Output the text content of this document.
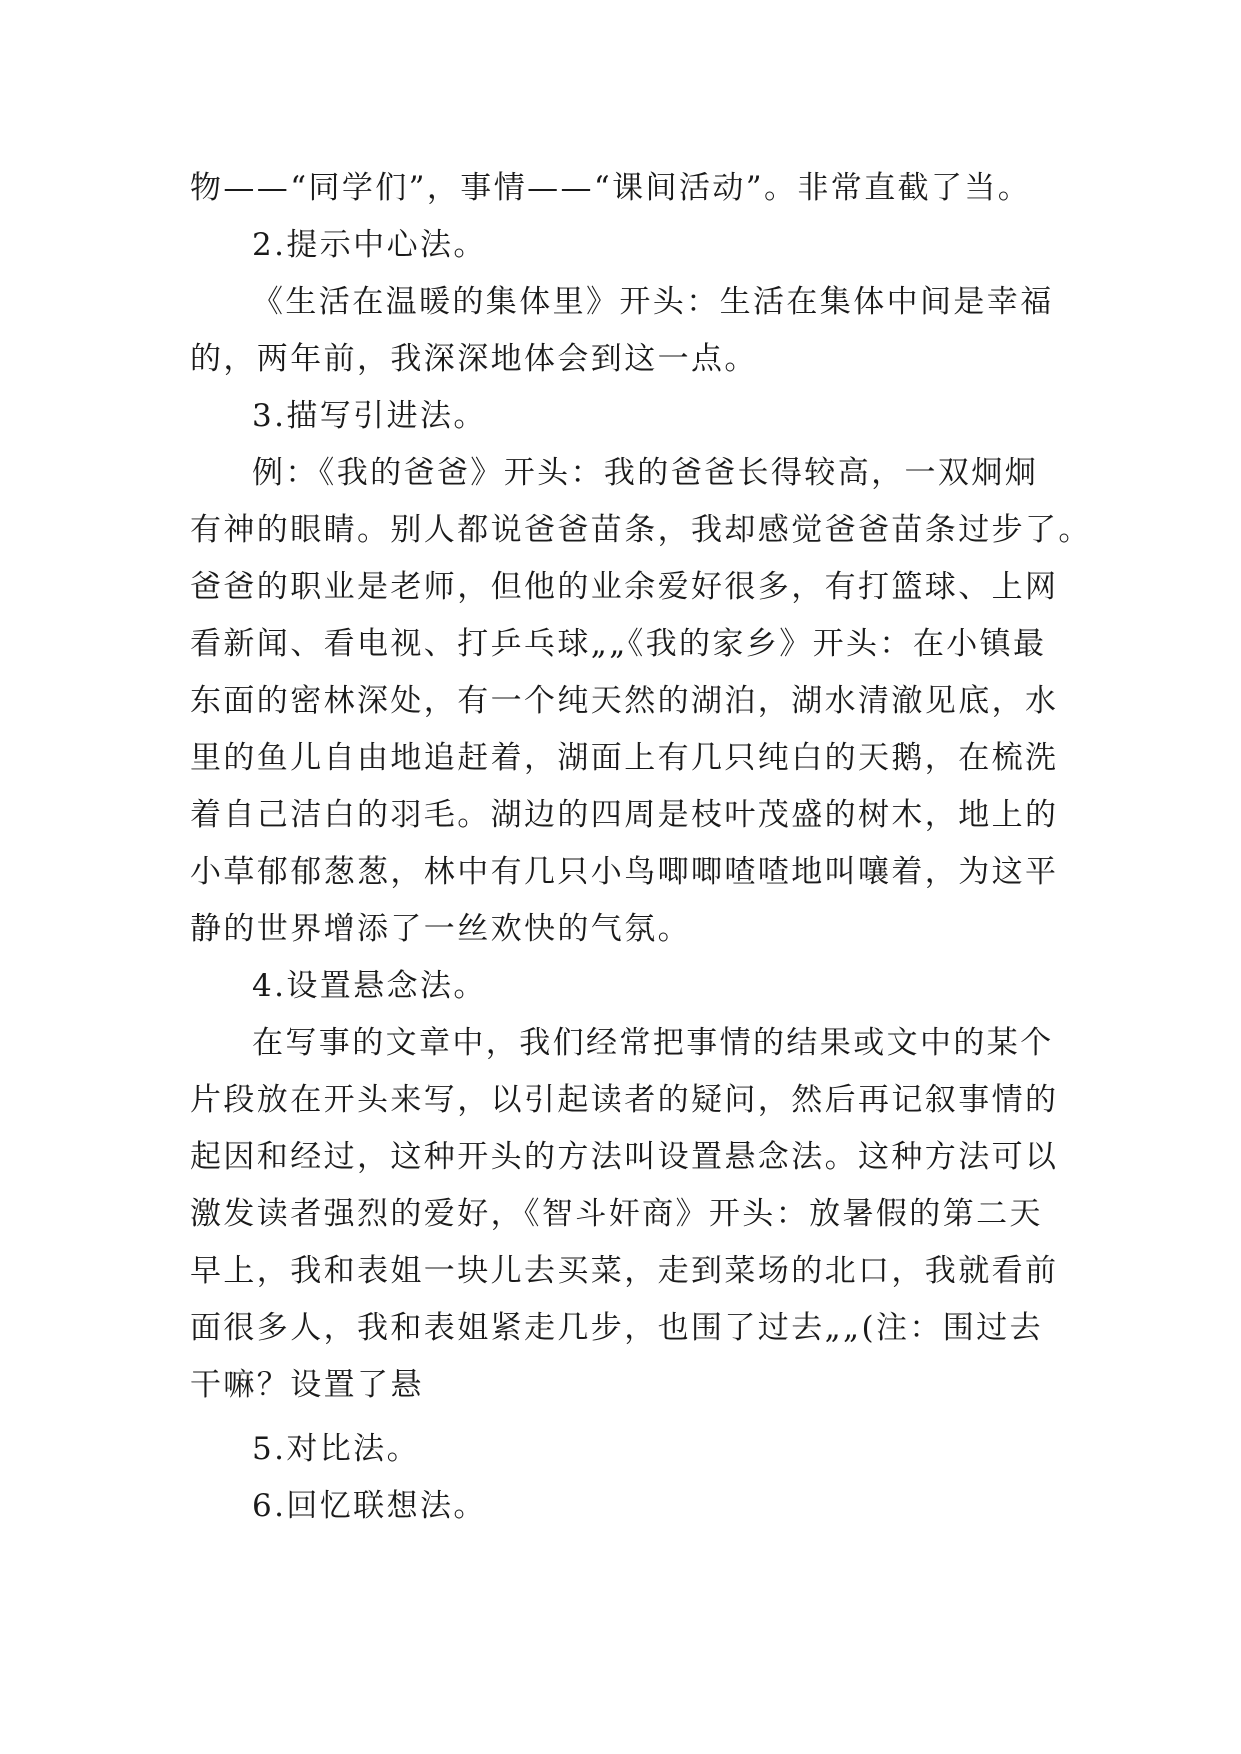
物——“同学们”，事情——“课间活动”。非常直截了当。
2.提示中心法。
《生活在温暖的集体里》开头：生活在集体中间是幸福
的，两年前，我深深地体会到这一点。
3.描写引进法。
例：《我的爸爸》开头：我的爸爸长得较高，一双炯炯
有神的眼睛。别人都说爸爸苗条，我却感觉爸爸苗条过步了。
爸爸的职业是老师，但他的业余爱好很多，有打篮球、上网
看新闻、看电视、打乒乓球„„《我的家乡》开头：在小镇最
东面的密林深处，有一个纯天然的湖泊，湖水清澈见底，水
里的鱼儿自由地追赶着，湖面上有几只纯白的天鹅，在梳洗
着自己洁白的羽毛。湖边的四周是枝叶茂盛的树木，地上的
小草郁郁葱葱，林中有几只小鸟唧唧喳喳地叫嚷着，为这平
静的世界增添了一丝欢快的气氛。
4.设置悬念法。
在写事的文章中，我们经常把事情的结果或文中的某个
片段放在开头来写，以引起读者的疑问，然后再记叙事情的
起因和经过，这种开头的方法叫设置悬念法。这种方法可以
激发读者强烈的爱好，《智斗奸商》开头：放暑假的第二天
早上，我和表姐一块儿去买菜，走到菜场的北口，我就看前
面很多人，我和表姐紧走几步，也围了过去„„(注：围过去
干嘛？设置了悬
5.对比法。
6.回忆联想法。
